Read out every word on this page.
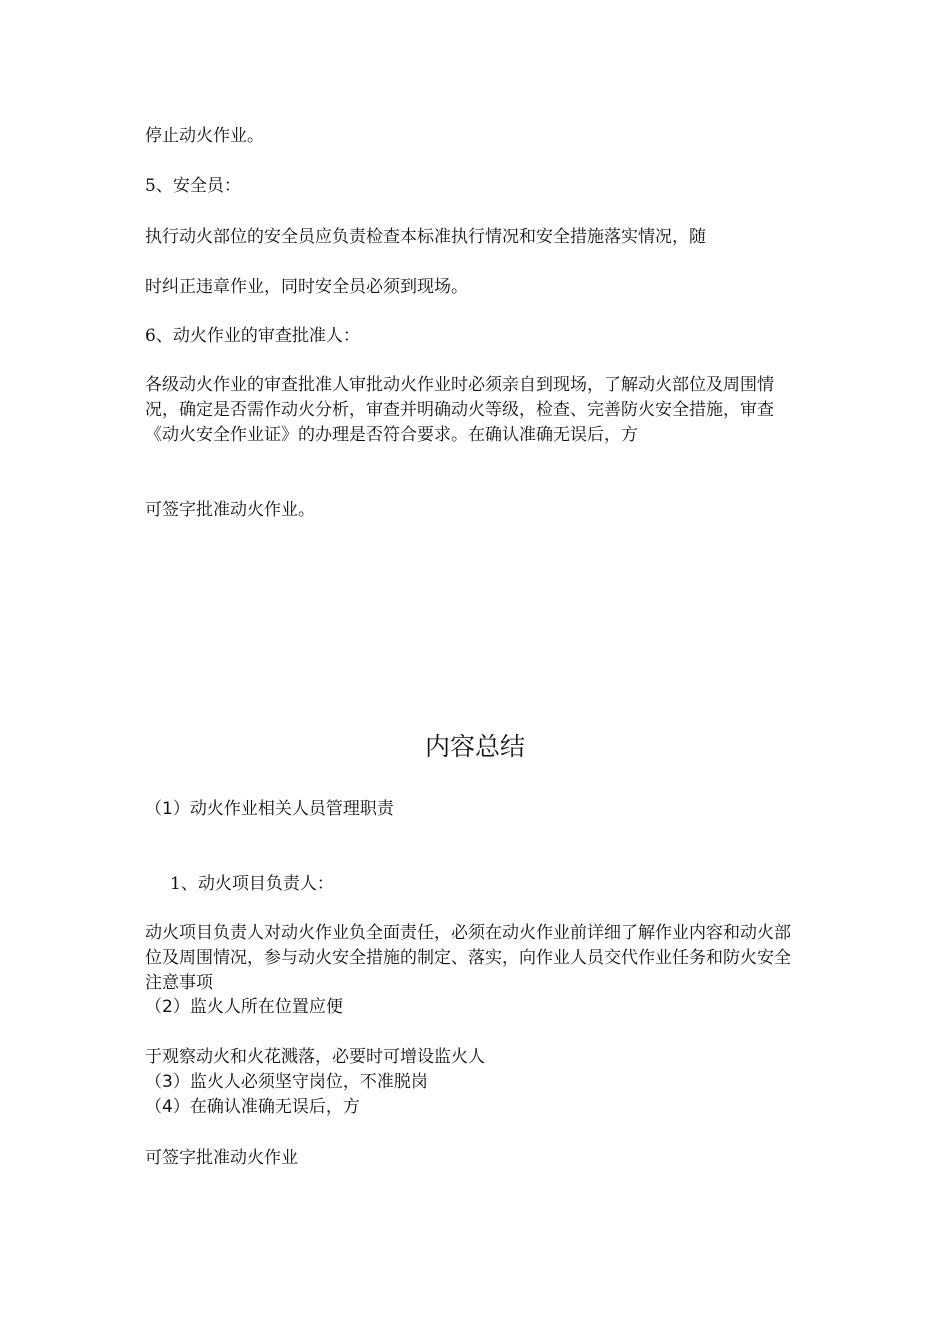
停止动火作业。
5、安全员：
执行动火部位的安全员应负责检查本标准执行情况和安全措施落实情况，随
时纠正违章作业，同时安全员必须到现场。
6、动火作业的审查批准人：
各级动火作业的审查批准人审批动火作业时必须亲自到现场，了解动火部位及周围情况，确定是否需作动火分析，审查并明确动火等级，检查、完善防火安全措施，审查《动火安全作业证》的办理是否符合要求。在确认准确无误后，方
可签字批准动火作业。
内容总结
（1）动火作业相关人员管理职责
1、动火项目负责人：
动火项目负责人对动火作业负全面责任，必须在动火作业前详细了解作业内容和动火部位及周围情况，参与动火安全措施的制定、落实，向作业人员交代作业任务和防火安全注意事项
（2）监火人所在位置应便
于观察动火和火花溅落，必要时可增设监火人
（3）监火人必须坚守岗位，不准脱岗
（4）在确认准确无误后，方
可签字批准动火作业
